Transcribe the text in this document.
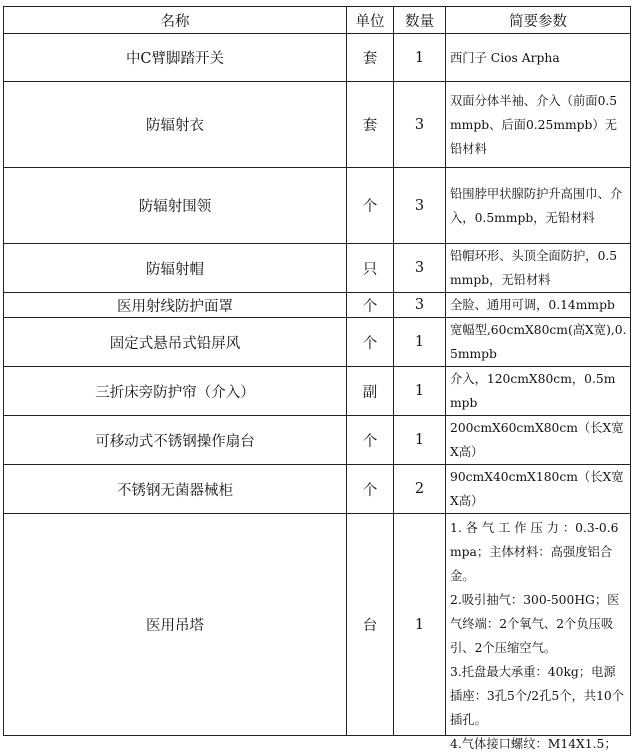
名称	单位	数量	简要参数
中C臂脚踏开关	套	1	西门子 Cios Arpha

防辐射衣	套	3	双面分体半袖、介入（前面0.5mmpb、后面0.25mmpb）无铅材料

防辐射围领	个	3	铅围脖甲状腺防护升高围巾、介入，0.5mmpb，无铅材料

防辐射帽	只	3	铅帽环形、头顶全面防护，0.5mmpb，无铅材料

医用射线防护面罩	个	3	全脸、通用可调，0.14mmpb

固定式悬吊式铅屏风	个	1	宽幅型,60cmX80cm(高X宽),0.5mmpb

三折床旁防护帘（介入）	副	1	介入，120cmX80cm，0.5mmpb

可移动式不锈钢操作扇台	个	1	200cmX60cmX80cm（长X宽X高）

不锈钢无菌器械柜	个	2	90cmX40cmX180cm（长X宽X高）

医用吊塔	台	1	1. 各 气 工 作 压 力 ：0.3-0.6mpa；主体材料：高强度铝合金。
2.吸引抽气：300-500HG；医气终端：2个氧气、2个负压吸引、2个压缩空气。
3.托盘最大承重：40kg；电源插座：3孔5个/2孔5个，共10个插孔。
4.气体接口螺纹：M14X1.5；
